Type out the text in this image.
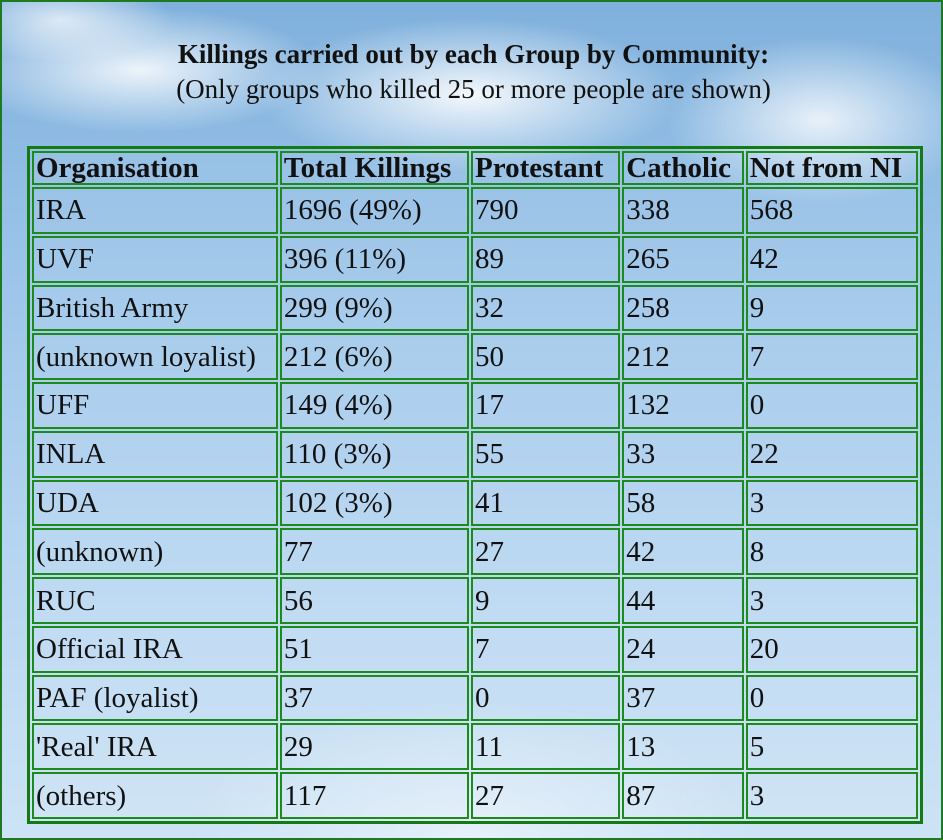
Killings carried out by each Group by Community:
(Only groups who killed 25 or more people are shown)
Organisation	Total Killings	Protestant	Catholic	Not from NI
IRA	1696 (49%)	790	338	568
UVF	396 (11%)	89	265	42
British Army	299 (9%)	32	258	9
(unknown loyalist)	212 (6%)	50	212	7
UFF	149 (4%)	17	132	0
INLA	110 (3%)	55	33	22
UDA	102 (3%)	41	58	3
(unknown)	77	27	42	8
RUC	56	9	44	3
Official IRA	51	7	24	20
PAF (loyalist)	37	0	37	0
'Real' IRA	29	11	13	5
(others)	117	27	87	3
